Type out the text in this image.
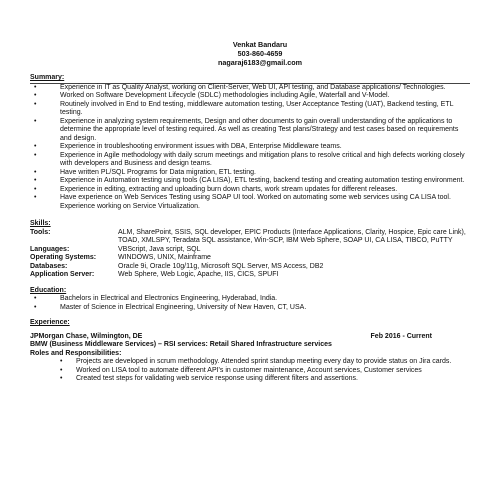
Venkat Bandaru
503-860-4659
nagaraj6183@gmail.com
Summary:
•	Experience in IT as Quality Analyst, working on Client-Server, Web UI, API testing, and Database applications/ Technologies.
•	Worked on Software Development Lifecycle (SDLC) methodologies including Agile, Waterfall and V-Model.
•	Routinely involved in End to End testing, middleware automation testing, User Acceptance Testing (UAT), Backend testing, ETL testing.
•	Experience in analyzing system requirements, Design and other documents to gain overall understanding of the applications to determine the appropriate level of testing required. As well as creating Test plans/Strategy and test cases based on requirements and design.
•	Experience in troubleshooting environment issues with DBA, Enterprise Middleware teams.
•	Experience in Agile methodology with daily scrum meetings and mitigation plans to resolve critical and high defects working closely with developers and Business and design teams.
•	Have written PL/SQL Programs for Data migration, ETL testing.
•	Experience in Automation testing using tools (CA LISA), ETL testing, backend testing and creating automation testing environment.
•	Experience in editing, extracting and uploading burn down charts, work stream updates for different releases.
•	Have experience on Web Services Testing using SOAP UI tool. Worked on automating some web services using CA LISA tool. Experience working on Service Virtualization.
Skills:
Tools:	ALM, SharePoint, SSIS, SQL developer, EPIC Products (Interface Applications, Clarity, Hospice, Epic care Link), TOAD, XMLSPY, Teradata SQL assistance, Win-SCP, IBM Web Sphere, SOAP UI, CA LISA, TIBCO, PuTTY
Languages:	VBScript, Java script, SQL
Operating Systems:	WINDOWS, UNIX, Mainframe
Databases:	Oracle 9i, Oracle 10g/11g, Microsoft SQL Server, MS Access, DB2
Application Server:	Web Sphere, Web Logic, Apache, IIS, CICS, SPUFI
Education:
•	Bachelors in Electrical and Electronics Engineering, Hyderabad, India.
•	Master of Science in Electrical Engineering, University of New Haven, CT, USA.
Experience:
JPMorgan Chase, Wilmington, DE	Feb 2016 - Current
BMW (Business Middleware Services) – RSI services: Retail Shared Infrastructure services
Roles and Responsibilities:
• Projects are developed in scrum methodology. Attended sprint standup meeting every day to provide status on Jira cards.
• Worked on LISA tool to automate different API's in customer maintenance, Account services, Customer services
• Created test steps for validating web service response using different filters and assertions.
